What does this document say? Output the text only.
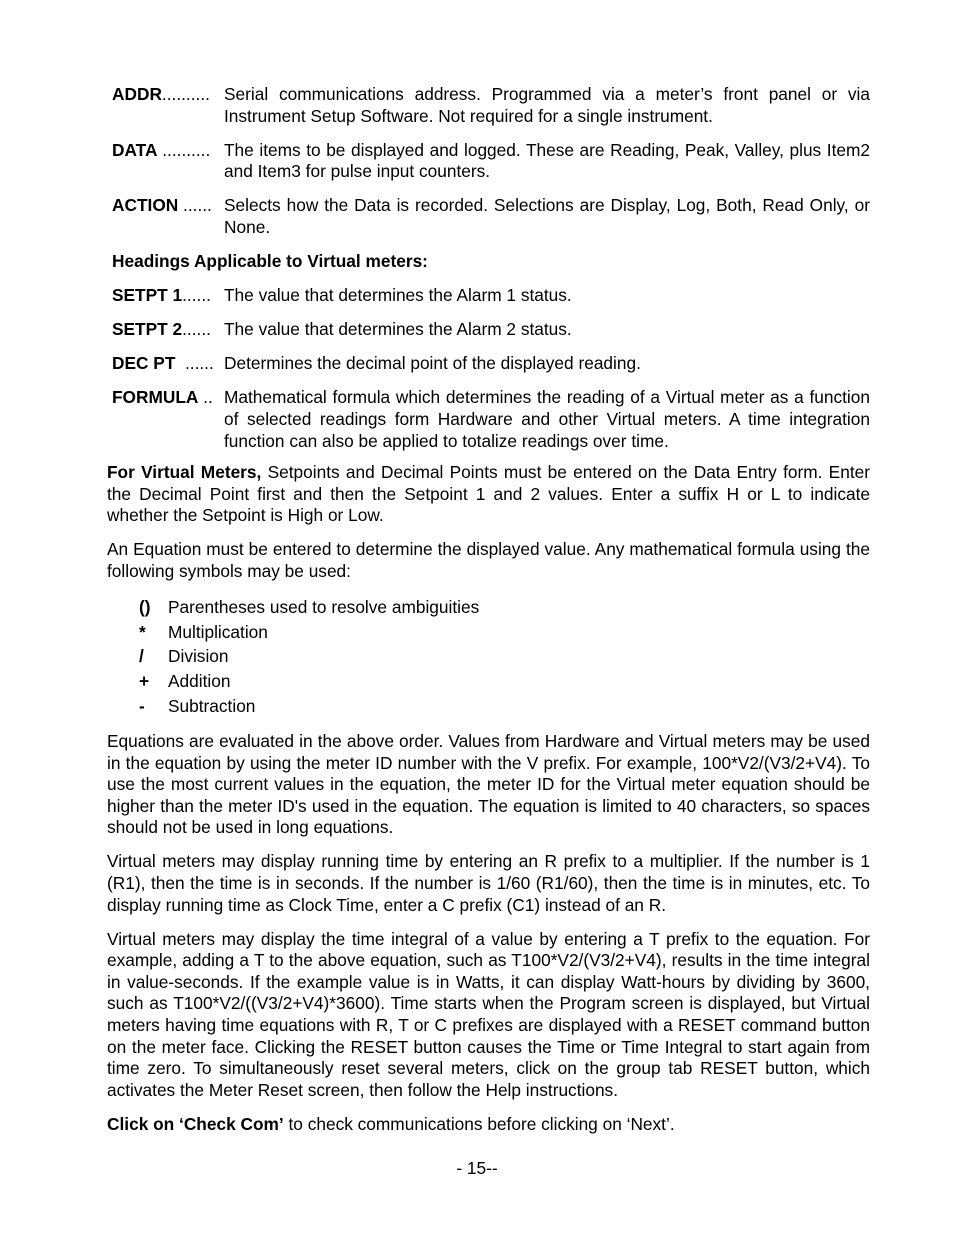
ADDR.......... Serial communications address. Programmed via a meter’s front panel or via Instrument Setup Software. Not required for a single instrument.
DATA .......... The items to be displayed and logged. These are Reading, Peak, Valley, plus Item2 and Item3 for pulse input counters.
ACTION ...... Selects how the Data is recorded. Selections are Display, Log, Both, Read Only, or None.
Headings Applicable to Virtual meters:
SETPT 1...... The value that determines the Alarm 1 status.
SETPT 2...... The value that determines the Alarm 2 status.
DEC PT  ...... Determines the decimal point of the displayed reading.
FORMULA .. Mathematical formula which determines the reading of a Virtual meter as a function of selected readings form Hardware and other Virtual meters. A time integration function can also be applied to totalize readings over time.

For Virtual Meters, Setpoints and Decimal Points must be entered on the Data Entry form. Enter the Decimal Point first and then the Setpoint 1 and 2 values. Enter a suffix H or L to indicate whether the Setpoint is High or Low.

An Equation must be entered to determine the displayed value. Any mathematical formula using the following symbols may be used:

()	Parentheses used to resolve ambiguities
*	Multiplication
/	Division
+	Addition
-	Subtraction

Equations are evaluated in the above order. Values from Hardware and Virtual meters may be used in the equation by using the meter ID number with the V prefix. For example, 100*V2/(V3/2+V4). To use the most current values in the equation, the meter ID for the Virtual meter equation should be higher than the meter ID's used in the equation. The equation is limited to 40 characters, so spaces should not be used in long equations.

Virtual meters may display running time by entering an R prefix to a multiplier. If the number is 1 (R1), then the time is in seconds. If the number is 1/60 (R1/60), then the time is in minutes, etc. To display running time as Clock Time, enter a C prefix (C1) instead of an R.

Virtual meters may display the time integral of a value by entering a T prefix to the equation. For example, adding a T to the above equation, such as T100*V2/(V3/2+V4), results in the time integral in value-seconds. If the example value is in Watts, it can display Watt-hours by dividing by 3600, such as T100*V2/((V3/2+V4)*3600). Time starts when the Program screen is displayed, but Virtual meters having time equations with R, T or C prefixes are displayed with a RESET command button on the meter face. Clicking the RESET button causes the Time or Time Integral to start again from time zero. To simultaneously reset several meters, click on the group tab RESET button, which activates the Meter Reset screen, then follow the Help instructions.

Click on ‘Check Com’ to check communications before clicking on ‘Next’.

- 15--
